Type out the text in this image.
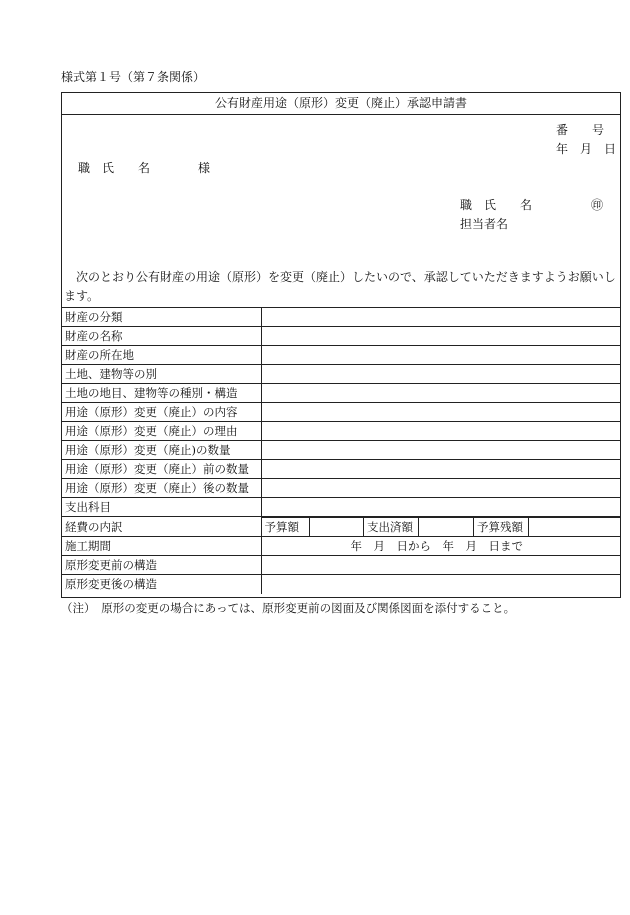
様式第１号（第７条関係）
公有財産用途（原形）変更（廃止）承認申請書
番　　号
年　月　日
職　氏　　名　　　　様
職　氏　　名	㊞
担当者名
　次のとおり公有財産の用途（原形）を変更（廃止）したいので、承認していただきますようお願いし
ます。
財産の分類	
財産の名称	
財産の所在地	
土地、建物等の別	
土地の地目、建物等の種別・構造	
用途（原形）変更（廃止）の内容	
用途（原形）変更（廃止）の理由	
用途（原形）変更（廃止)の数量	
用途（原形）変更（廃止）前の数量	
用途（原形）変更（廃止）後の数量	
支出科目	
経費の内訳		予算額		支出済額		予算残額	

施工期間	年　月　日から　年　月　日まで
原形変更前の構造	
原形変更後の構造	
（注）　原形の変更の場合にあっては、原形変更前の図面及び関係図面を添付すること。
